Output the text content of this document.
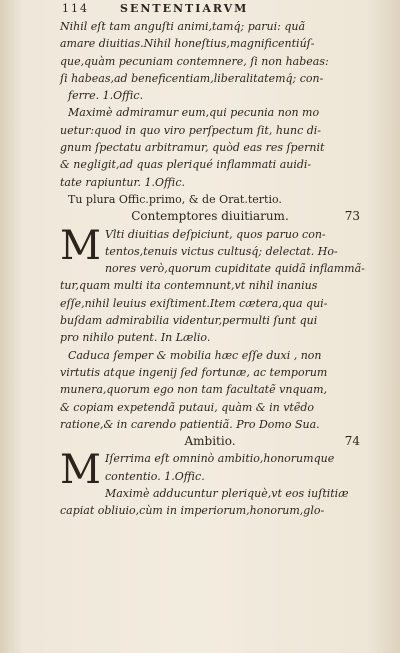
114	SENTENTIARVM
Nihil eſt tam anguſti animi,tamq́; parui: quã
amare diuitias.Nihil honeſtius,magnificentiúſ-
que,quàm pecuniam contemnere, ſi non habeas:
ſi habeas,ad beneficentiam,liberalitatemq́; con-
ferre. 1.Offic.
Maximè admiramur eum,qui pecunia non mo
uetur:quod in quo viro perſpectum ſit, hunc di-
gnum ſpectatu arbitramur, quòd eas res ſpernit
& negligit,ad quas pleriqué inflammati auidi-
tate rapiuntur. 1.Offic.
Tu plura Offic.primo, & de Orat.tertio.
Contemptores diuitiarum.	73
M Vlti diuitias deſpiciunt, quos paruo con-
tentos,tenuis victus cultusq́; delectat. Ho-
nores verò,quorum cupiditate quidã inflammã-
tur,quam multi ita contemnunt,vt nihil inanius
eſſe,nihil leuius exiſtiment.Item cætera,qua qui-
buſdam admirabilia videntur,permulti ſunt qui
pro nihilo putent. In Lælio.
Caduca ſemper & mobilia hæc eſſe duxi , non
virtutis atque ingenij ſed fortunæ, ac temporum
munera,quorum ego non tam facultatẽ vnquam,
& copiam expetendã putaui, quàm & in vtẽdo
ratione,& in carendo patientiã. Pro Domo Sua.
Ambitio.	74
M Iſerrima eſt omninò ambitio,honorumque
contentio. 1.Offic.
Maximè adducuntur pleriquè,vt eos iuſtitiæ
capiat obliuio,cùm in imperiorum,honorum,glo-
